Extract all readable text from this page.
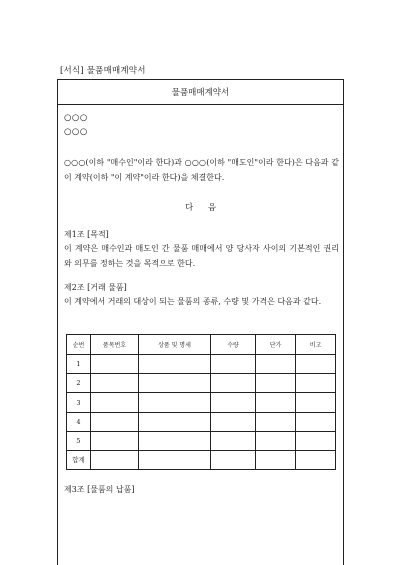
[서식] 물품매매계약서
물품매매계약서
○○○
○○○
○○○(이하 "매수인"이라 한다)과 ○○○(이하 "매도인"이라 한다)은 다음과 같이 계약(이하 "이 계약"이라 한다)을 체결한다.
다 음
제1조 [목적]
이 계약은 매수인과 매도인 간 물품 매매에서 양 당사자 사이의 기본적인 권리와 의무를 정하는 것을 목적으로 한다.
제2조 [거래 물품]
이 계약에서 거래의 대상이 되는 물품의 종류, 수량 및 가격은 다음과 같다.
순번	품목번호	상품 및 명세	수량	단가	비고
1					
2					
3					
4					
5					
합계					
제3조 [물품의 납품]
